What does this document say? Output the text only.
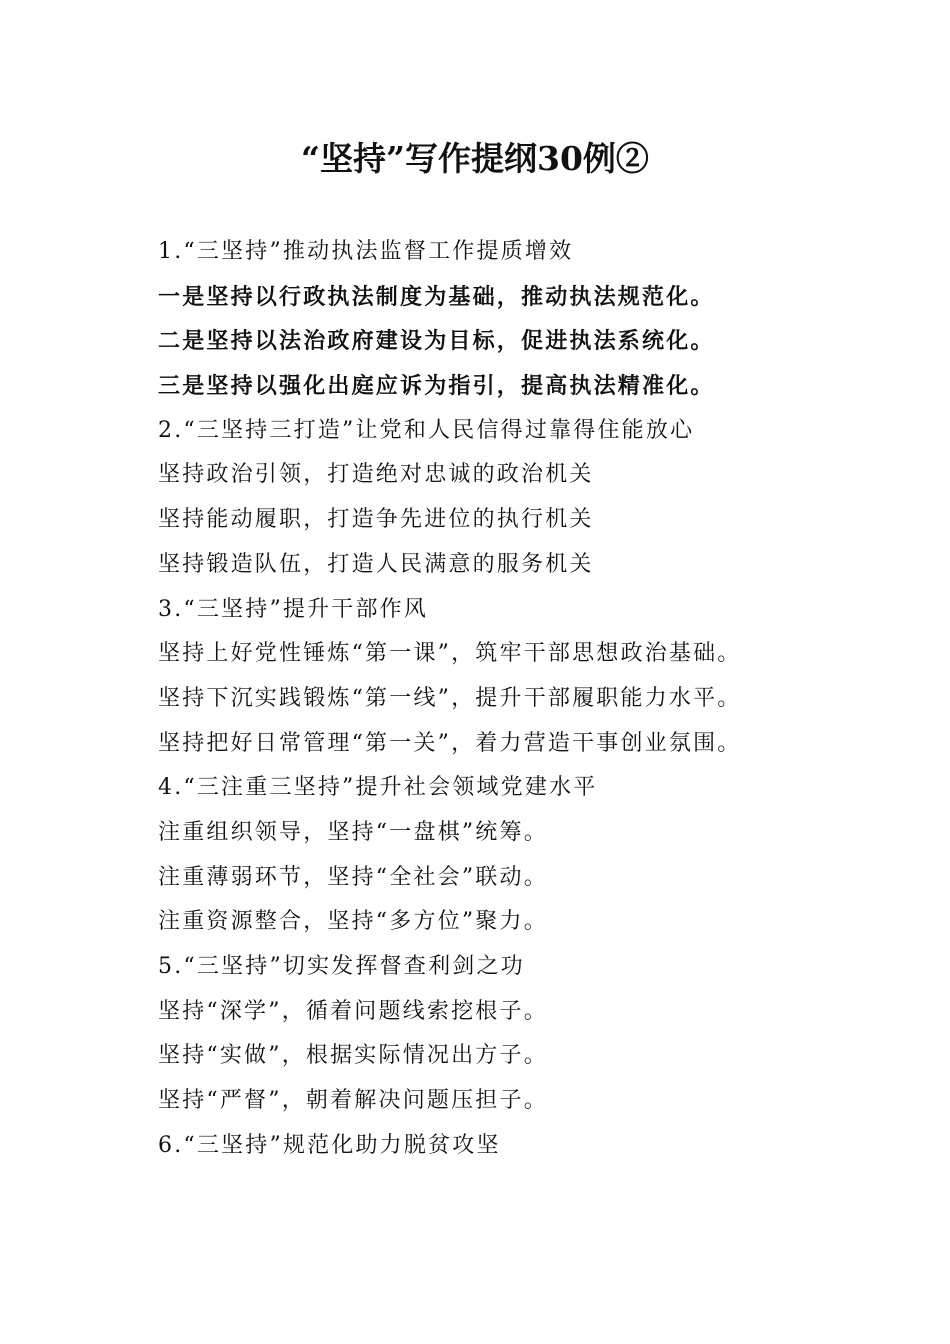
“坚持”写作提纲30例②
1.“三坚持”推动执法监督工作提质增效
一是坚持以行政执法制度为基础，推动执法规范化。
二是坚持以法治政府建设为目标，促进执法系统化。
三是坚持以强化出庭应诉为指引，提高执法精准化。
2.“三坚持三打造”让党和人民信得过靠得住能放心
坚持政治引领，打造绝对忠诚的政治机关
坚持能动履职，打造争先进位的执行机关
坚持锻造队伍，打造人民满意的服务机关
3.“三坚持”提升干部作风
坚持上好党性锤炼“第一课”，筑牢干部思想政治基础。
坚持下沉实践锻炼“第一线”，提升干部履职能力水平。
坚持把好日常管理“第一关”，着力营造干事创业氛围。
4.“三注重三坚持”提升社会领域党建水平
注重组织领导，坚持“一盘棋”统筹。
注重薄弱环节，坚持“全社会”联动。
注重资源整合，坚持“多方位”聚力。
5.“三坚持”切实发挥督查利剑之功
坚持“深学”，循着问题线索挖根子。
坚持“实做”，根据实际情况出方子。
坚持“严督”，朝着解决问题压担子。
6.“三坚持”规范化助力脱贫攻坚
